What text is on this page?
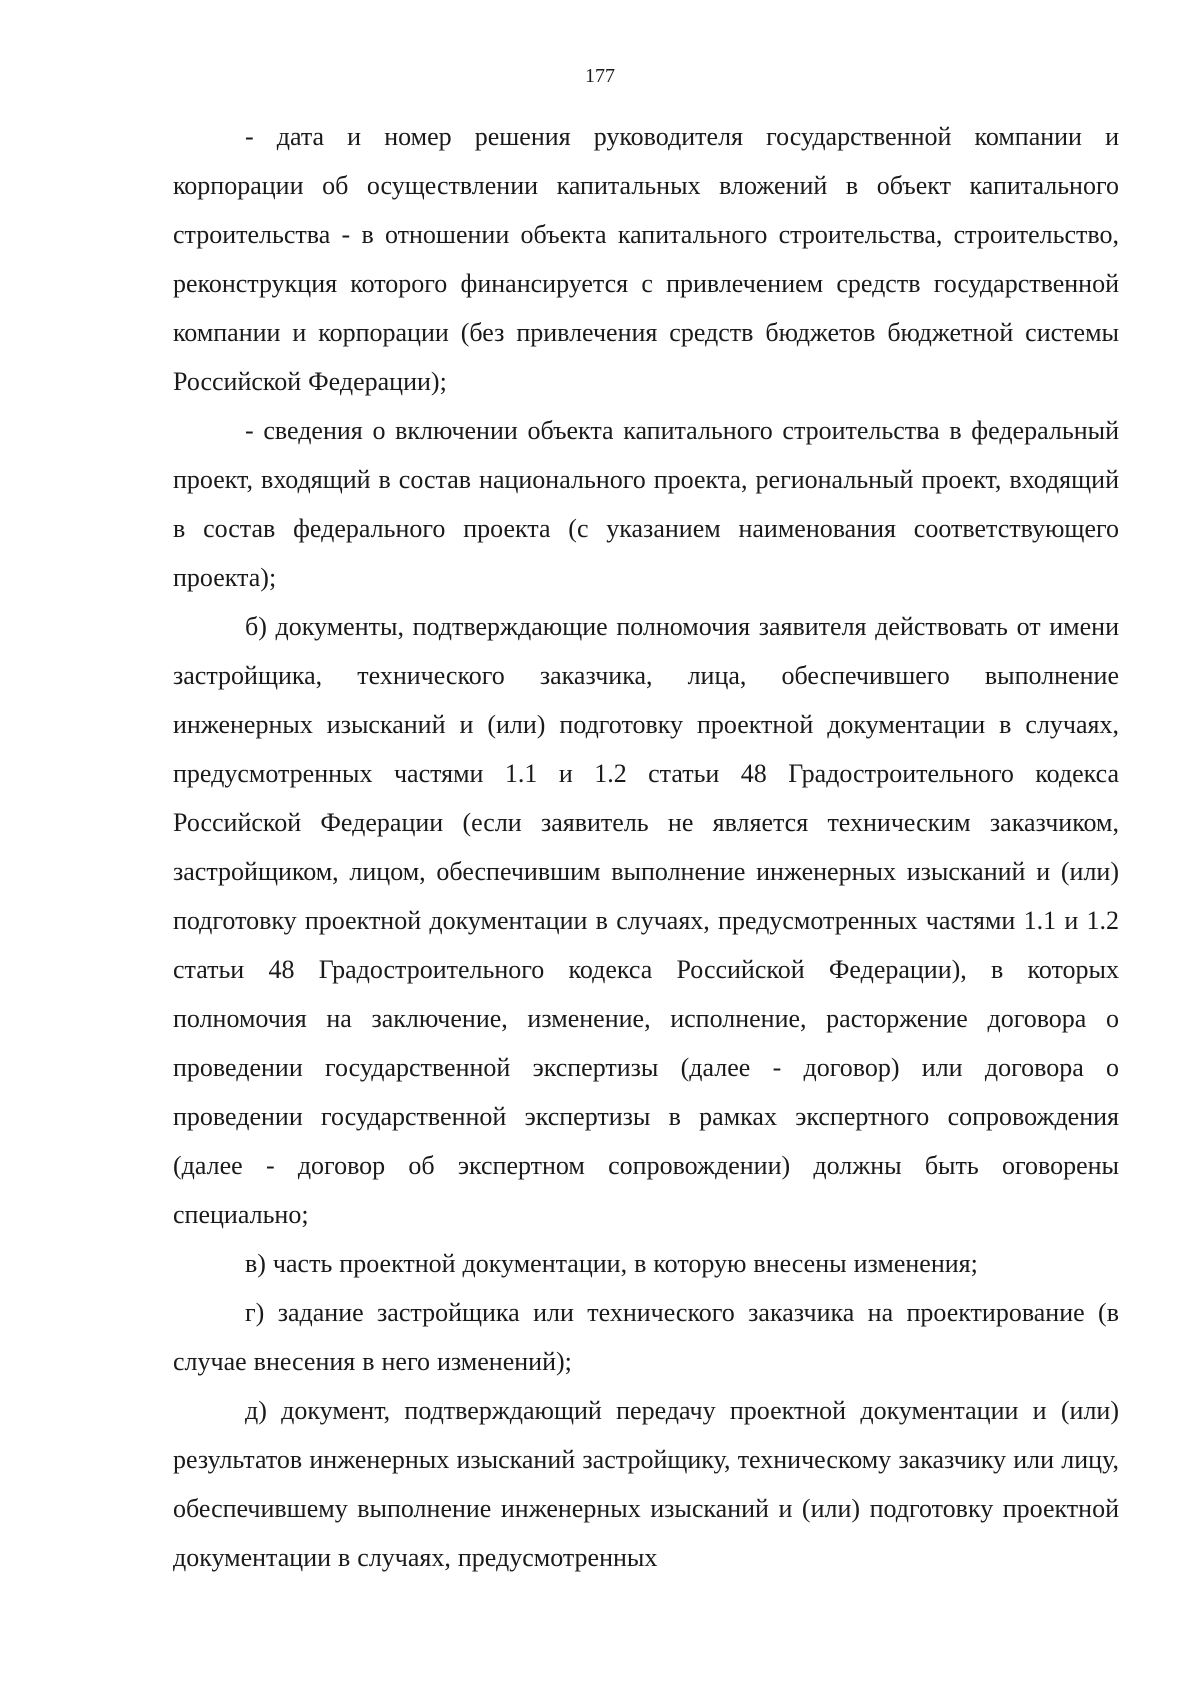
177

- дата и номер решения руководителя государственной компании и корпорации об осуществлении капитальных вложений в объект капитального строительства - в отношении объекта капитального строительства, строительство, реконструкция которого финансируется с привлечением средств государственной компании и корпорации (без привлечения средств бюджетов бюджетной системы Российской Федерации);

- сведения о включении объекта капитального строительства в федеральный проект, входящий в состав национального проекта, региональный проект, входящий в состав федерального проекта (с указанием наименования соответствующего проекта);

б) документы, подтверждающие полномочия заявителя действовать от имени застройщика, технического заказчика, лица, обеспечившего выполнение инженерных изысканий и (или) подготовку проектной документации в случаях, предусмотренных частями 1.1 и 1.2 статьи 48 Градостроительного кодекса Российской Федерации (если заявитель не является техническим заказчиком, застройщиком, лицом, обеспечившим выполнение инженерных изысканий и (или) подготовку проектной документации в случаях, предусмотренных частями 1.1 и 1.2 статьи 48 Градостроительного кодекса Российской Федерации), в которых полномочия на заключение, изменение, исполнение, расторжение договора о проведении государственной экспертизы (далее - договор) или договора о проведении государственной экспертизы в рамках экспертного сопровождения (далее - договор об экспертном сопровождении) должны быть оговорены специально;

в) часть проектной документации, в которую внесены изменения;

г) задание застройщика или технического заказчика на проектирование (в случае внесения в него изменений);

д) документ, подтверждающий передачу проектной документации и (или) результатов инженерных изысканий застройщику, техническому заказчику или лицу, обеспечившему выполнение инженерных изысканий и (или) подготовку проектной документации в случаях, предусмотренных
